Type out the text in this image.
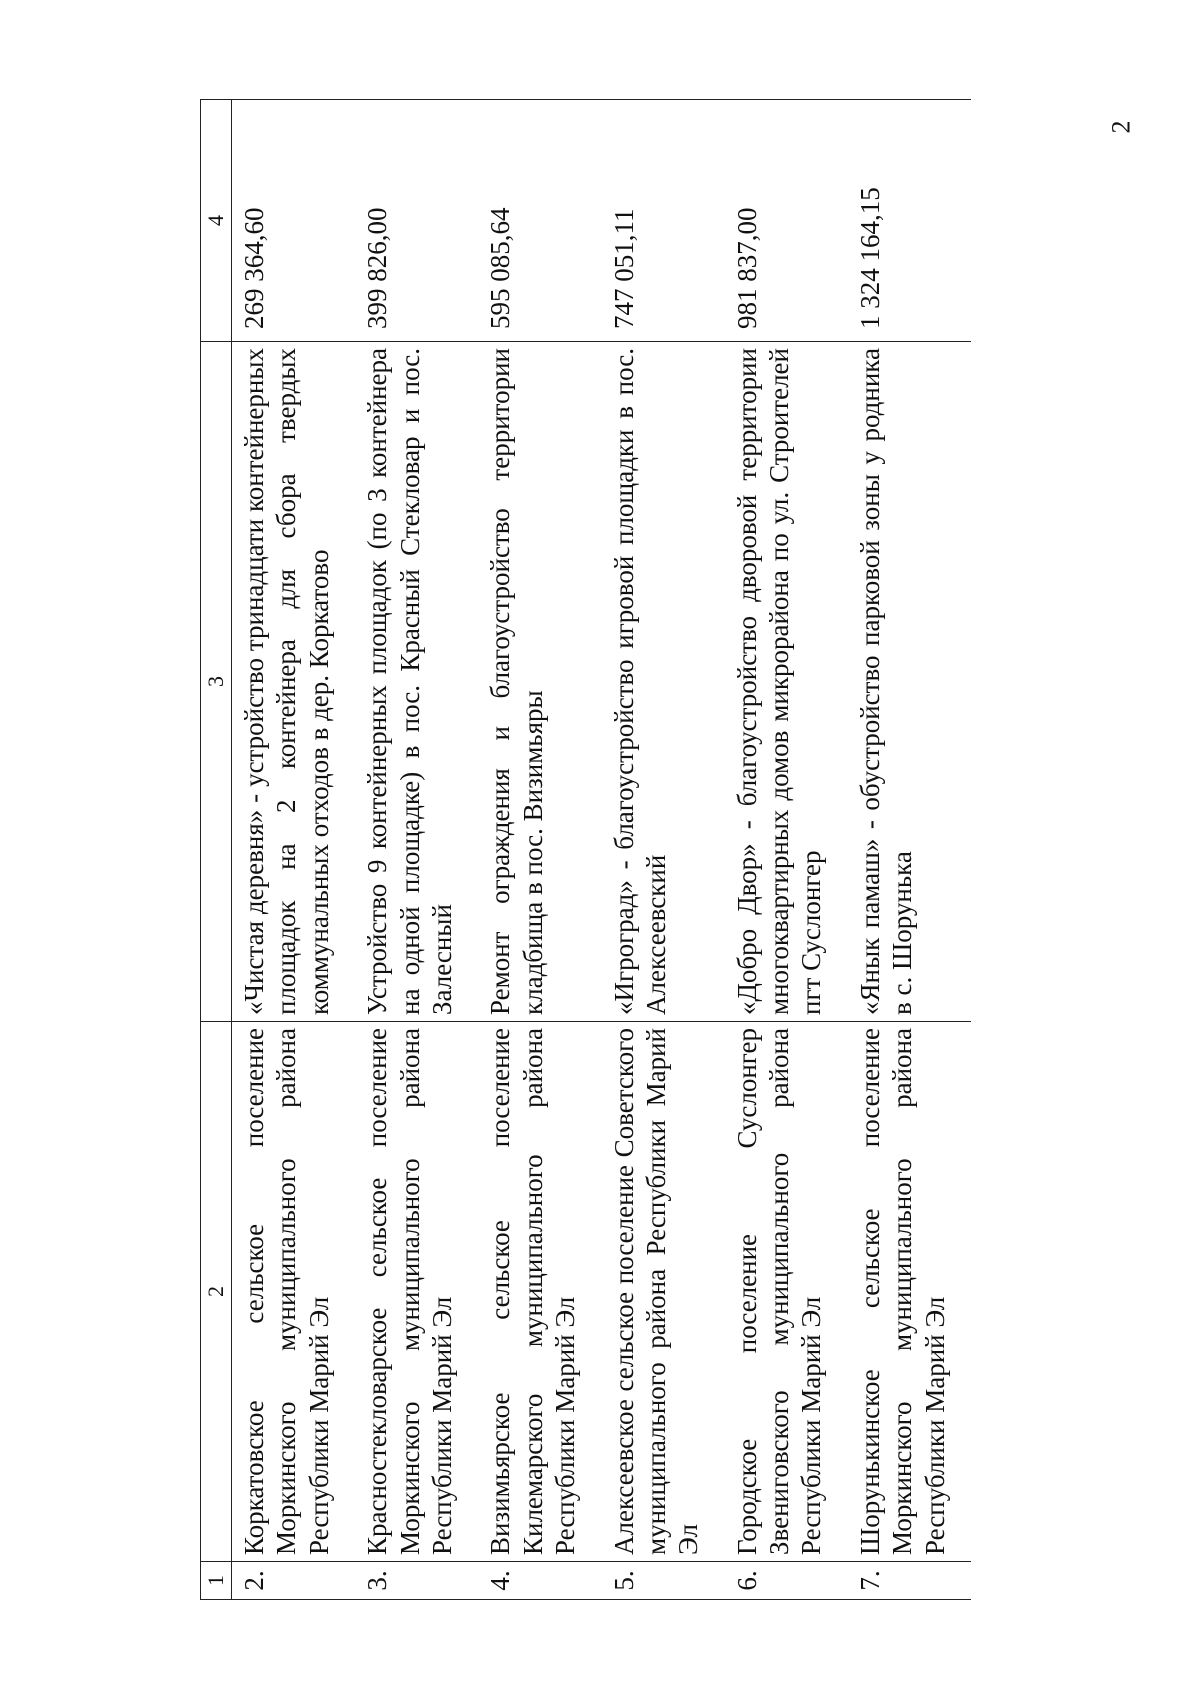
2
1	2	3	4
2.	Коркатовское сельское поселение Моркинского муниципального района Республики Марий Эл	«Чистая деревня» - устройство тринадцати контейнерных площадок на 2 контейнера для сбора твердых коммунальных отходов в дер. Коркатово	269 364,60
3.	Красностекловарское сельское поселение Моркинского муниципального района Республики Марий Эл	Устройство 9 контейнерных площадок (по 3 контейнера на одной площадке) в пос. Красный Стекловар и пос. Залесный	399 826,00
4.	Визимьярское сельское поселение Килемарского муниципального района Республики Марий Эл	Ремонт ограждения и благоустройство территории кладбища в пос. Визимьяры	595 085,64
5.	Алексеевское сельское поселение Советского муниципального района Республики Марий Эл	«Игроград» - благоустройство игровой площадки в пос. Алексеевский	747 051,11
6.	Городское поселение Суслонгер Звениговского муниципального района Республики Марий Эл	«Добро Двор» - благоустройство дворовой территории многоквартирных домов микрорайона по ул. Строителей пгт Суслонгер	981 837,00
7.	Шорунькинское сельское поселение Моркинского муниципального района Республики Марий Эл	«Янык памаш» - обустройство парковой зоны у родника в с. Шорунька	1 324 164,15
